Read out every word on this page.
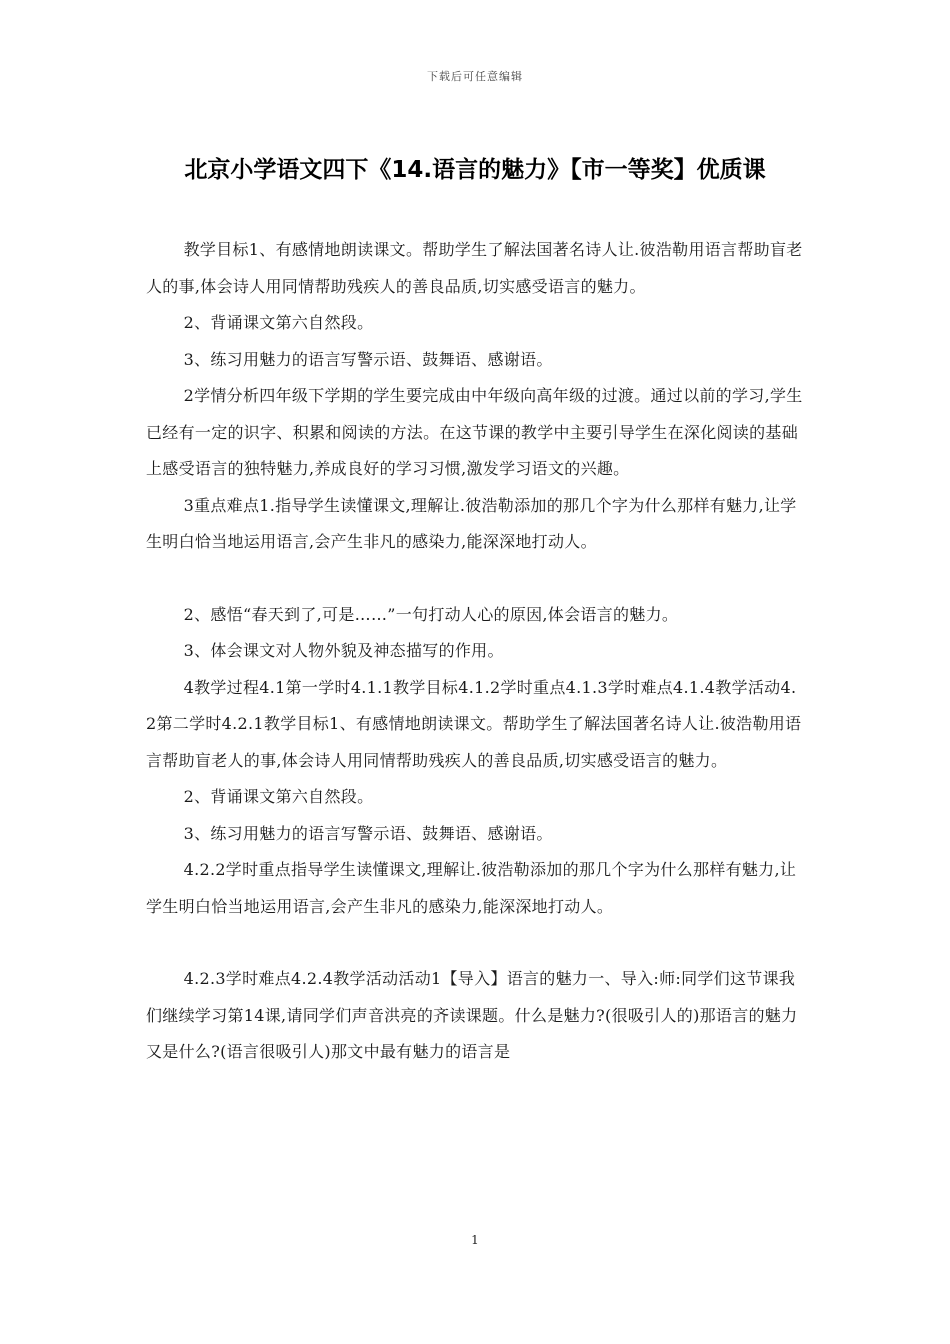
下载后可任意编辑
北京小学语文四下《14.语言的魅力》【市一等奖】优质课

教学目标1、有感情地朗读课文。帮助学生了解法国著名诗人让.彼浩勒用语言帮助盲老人的事,体会诗人用同情帮助残疾人的善良品质,切实感受语言的魅力。

2、背诵课文第六自然段。

3、练习用魅力的语言写警示语、鼓舞语、感谢语。

2学情分析四年级下学期的学生要完成由中年级向高年级的过渡。通过以前的学习,学生已经有一定的识字、积累和阅读的方法。在这节课的教学中主要引导学生在深化阅读的基础上感受语言的独特魅力,养成良好的学习习惯,激发学习语文的兴趣。

3重点难点1.指导学生读懂课文,理解让.彼浩勒添加的那几个字为什么那样有魅力,让学生明白恰当地运用语言,会产生非凡的感染力,能深深地打动人。

2、感悟“春天到了,可是……”一句打动人心的原因,体会语言的魅力。

3、体会课文对人物外貌及神态描写的作用。

4教学过程4.1第一学时4.1.1教学目标4.1.2学时重点4.1.3学时难点4.1.4教学活动4.2第二学时4.2.1教学目标1、有感情地朗读课文。帮助学生了解法国著名诗人让.彼浩勒用语言帮助盲老人的事,体会诗人用同情帮助残疾人的善良品质,切实感受语言的魅力。

2、背诵课文第六自然段。

3、练习用魅力的语言写警示语、鼓舞语、感谢语。

4.2.2学时重点指导学生读懂课文,理解让.彼浩勒添加的那几个字为什么那样有魅力,让学生明白恰当地运用语言,会产生非凡的感染力,能深深地打动人。

4.2.3学时难点4.2.4教学活动活动1【导入】语言的魅力一、导入:师:同学们这节课我们继续学习第14课,请同学们声音洪亮的齐读课题。什么是魅力?(很吸引人的)那语言的魅力又是什么?(语言很吸引人)那文中最有魅力的语言是

1
